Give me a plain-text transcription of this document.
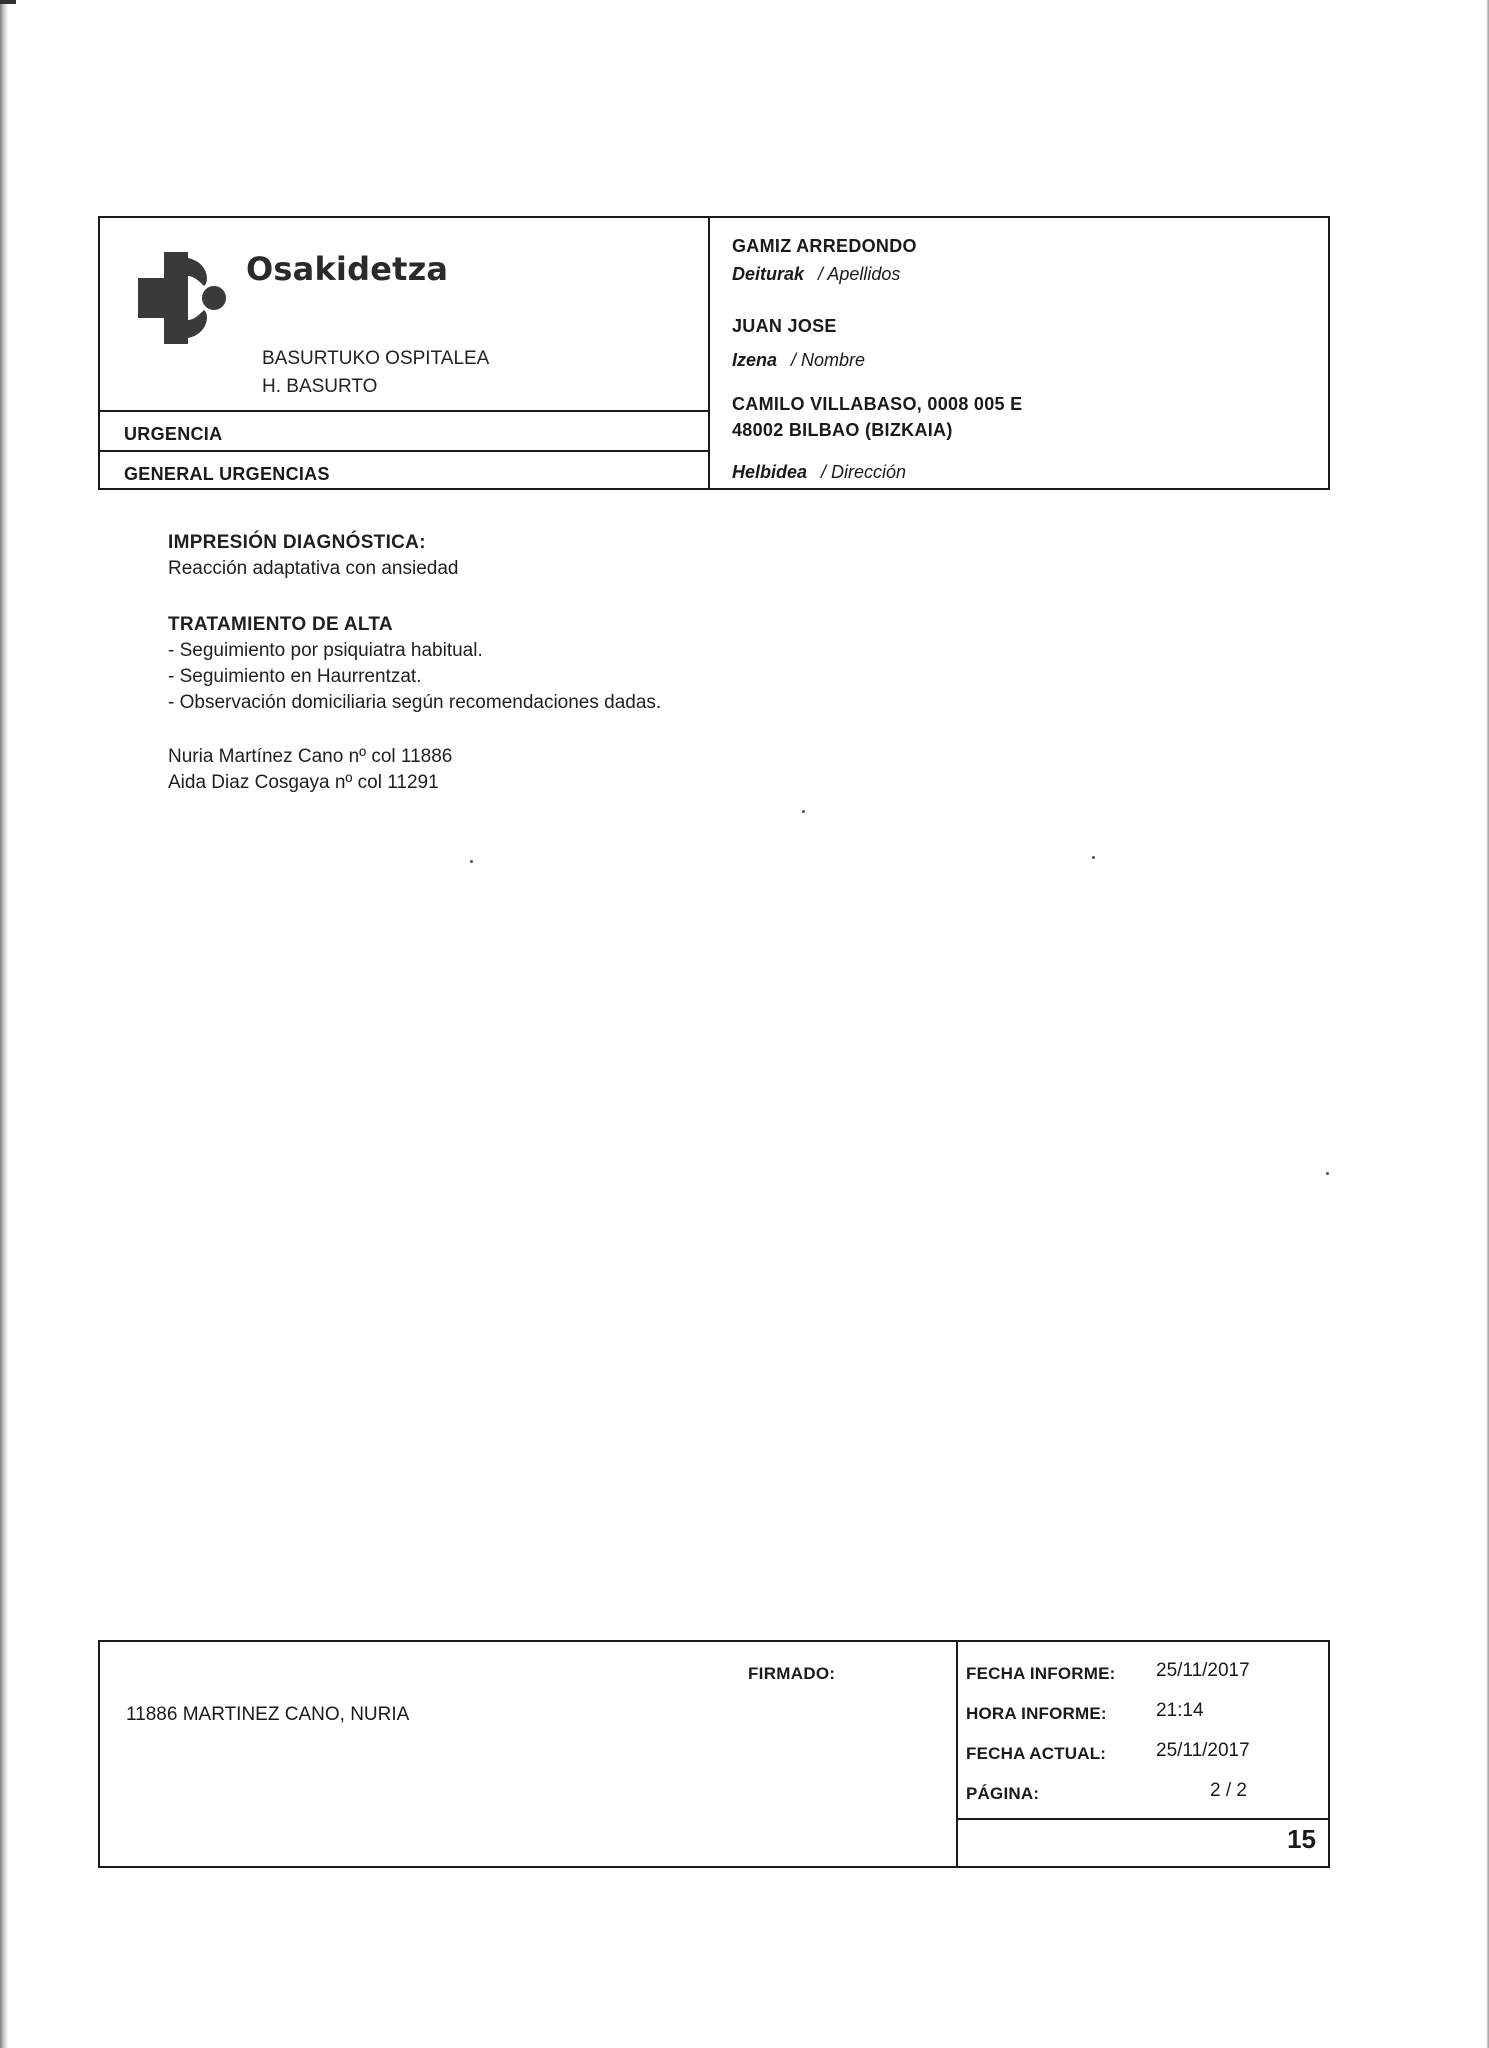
Osakidetza
BASURTUKO OSPITALEA
H. BASURTO
URGENCIA
GENERAL URGENCIAS
GAMIZ ARREDONDO
Deiturak / Apellidos
JUAN JOSE
Izena / Nombre
CAMILO VILLABASO, 0008 005 E
48002 BILBAO (BIZKAIA)
Helbidea / Dirección
IMPRESIÓN DIAGNÓSTICA:
Reacción adaptativa con ansiedad
TRATAMIENTO DE ALTA
- Seguimiento por psiquiatra habitual.
- Seguimiento en Haurrentzat.
- Observación domiciliaria según recomendaciones dadas.
Nuria Martínez Cano nº col 11886
Aida Diaz Cosgaya nº col 11291
FIRMADO:
11886 MARTINEZ CANO, NURIA
FECHA INFORME: 25/11/2017
HORA INFORME:	21:14
FECHA ACTUAL:	25/11/2017
PÁGINA:	2 / 2
15
